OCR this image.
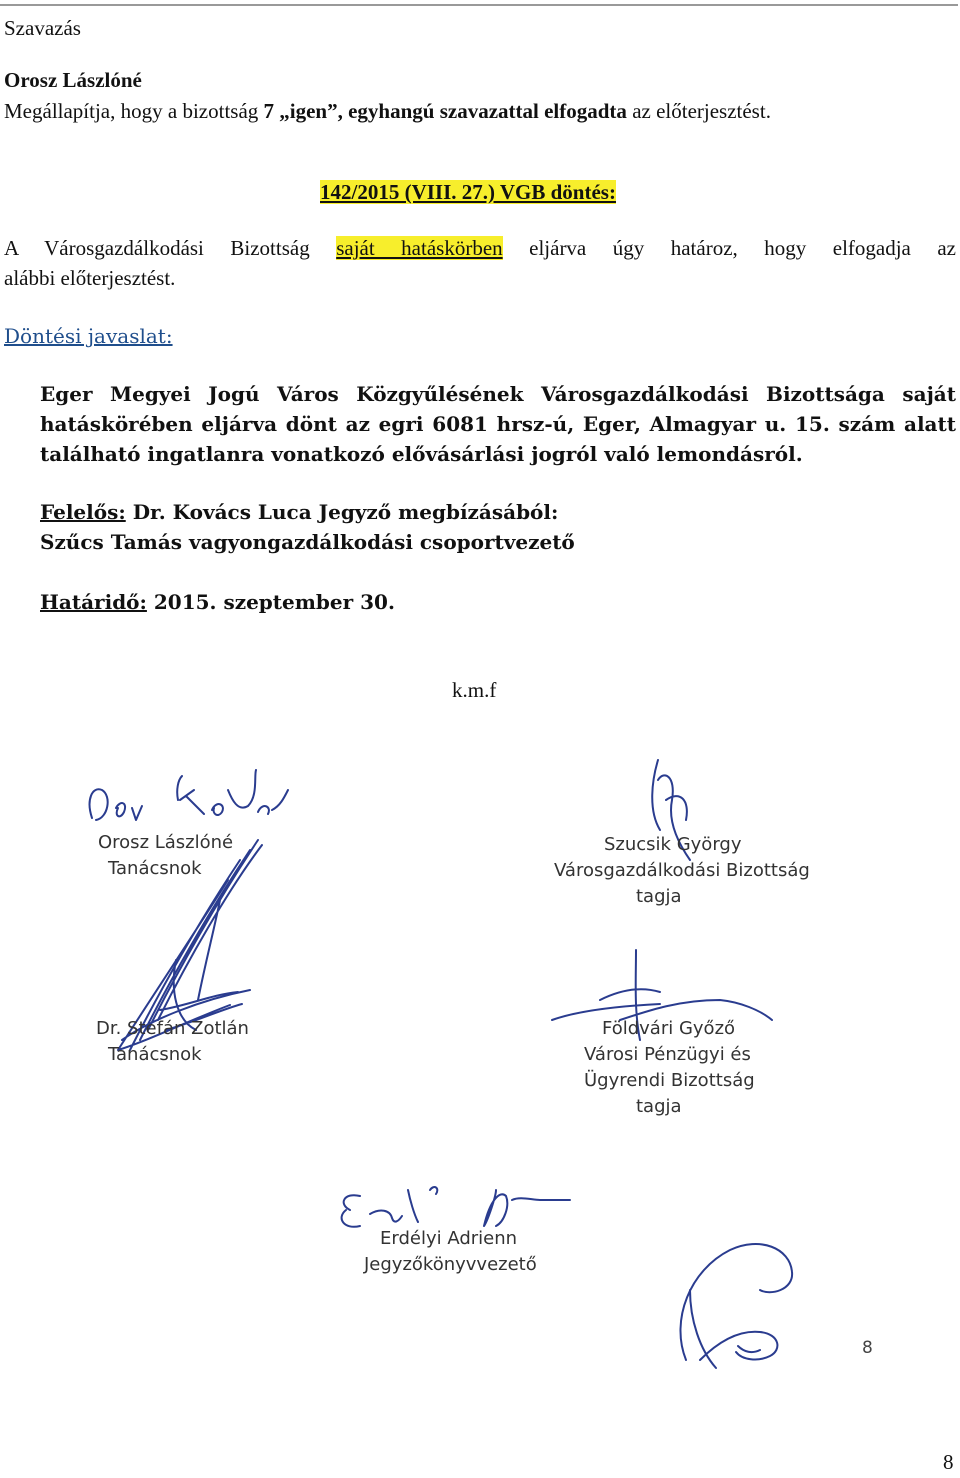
Szavazás
Orosz Lászlóné
Megállapítja, hogy a bizottság 7 „igen”, egyhangú szavazattal elfogadta az előterjesztést.
142/2015 (VIII. 27.) VGB döntés:
A Városgazdálkodási Bizottság saját hatáskörben eljárva úgy határoz, hogy elfogadja az
alábbi előterjesztést.
Döntési javaslat:
Eger Megyei Jogú Város Közgyűlésének Városgazdálkodási Bizottsága saját
hatáskörében eljárva dönt az egri 6081 hrsz-ú, Eger, Almagyar u. 15. szám alatt
található ingatlanra vonatkozó elővásárlási jogról való lemondásról.
Felelős: Dr. Kovács Luca Jegyző megbízásából:
Szűcs Tamás vagyongazdálkodási csoportvezető
Határidő: 2015. szeptember 30.
k.m.f
Orosz Lászlóné
Tanácsnok
Szucsik György
Városgazdálkodási Bizottság
tagja
Dr. Stefán Zotlán
Tanácsnok
Földvári Győző
Városi Pénzügyi és
Ügyrendi Bizottság
tagja
Erdélyi Adrienn
Jegyzőkönyvvezető
8
8
